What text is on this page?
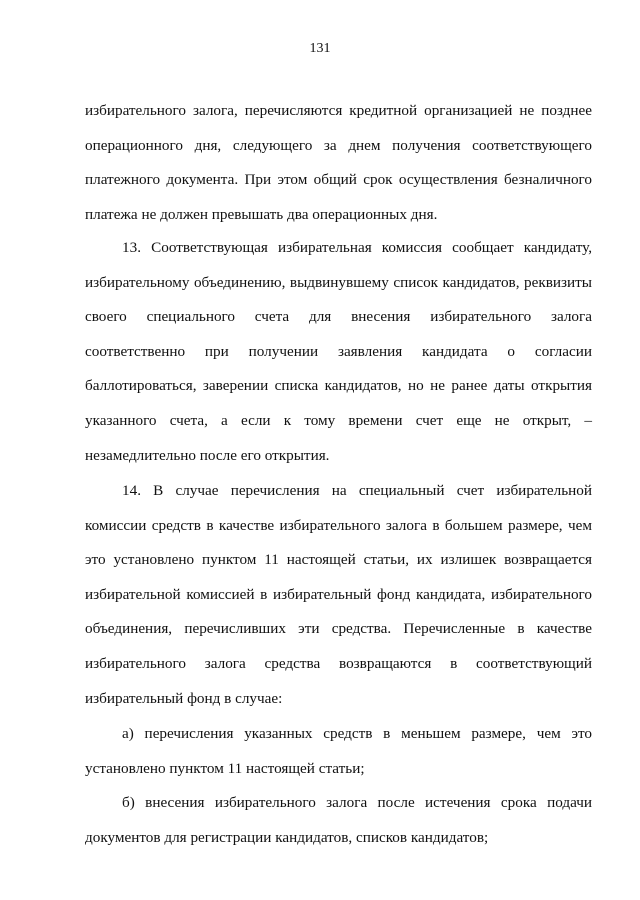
131

избирательного залога, перечисляются кредитной организацией не позднее
операционного дня, следующего за днем получения соответствующего
платежного документа. При этом общий срок осуществления безналичного
платежа не должен превышать два операционных дня.

13. Соответствующая избирательная комиссия сообщает кандидату,
избирательному объединению, выдвинувшему список кандидатов, реквизиты
своего специального счета для внесения избирательного залога
соответственно при получении заявления кандидата о согласии
баллотироваться, заверении списка кандидатов, но не ранее даты открытия
указанного счета, а если к тому времени счет еще не открыт, –
незамедлительно после его открытия.

14. В случае перечисления на специальный счет избирательной
комиссии средств в качестве избирательного залога в большем размере, чем
это установлено пунктом 11 настоящей статьи, их излишек возвращается
избирательной комиссией в избирательный фонд кандидата, избирательного
объединения, перечисливших эти средства. Перечисленные в качестве
избирательного залога средства возвращаются в соответствующий
избирательный фонд в случае:

а) перечисления указанных средств в меньшем размере, чем это
установлено пунктом 11 настоящей статьи;

б) внесения избирательного залога после истечения срока подачи
документов для регистрации кандидатов, списков кандидатов;
